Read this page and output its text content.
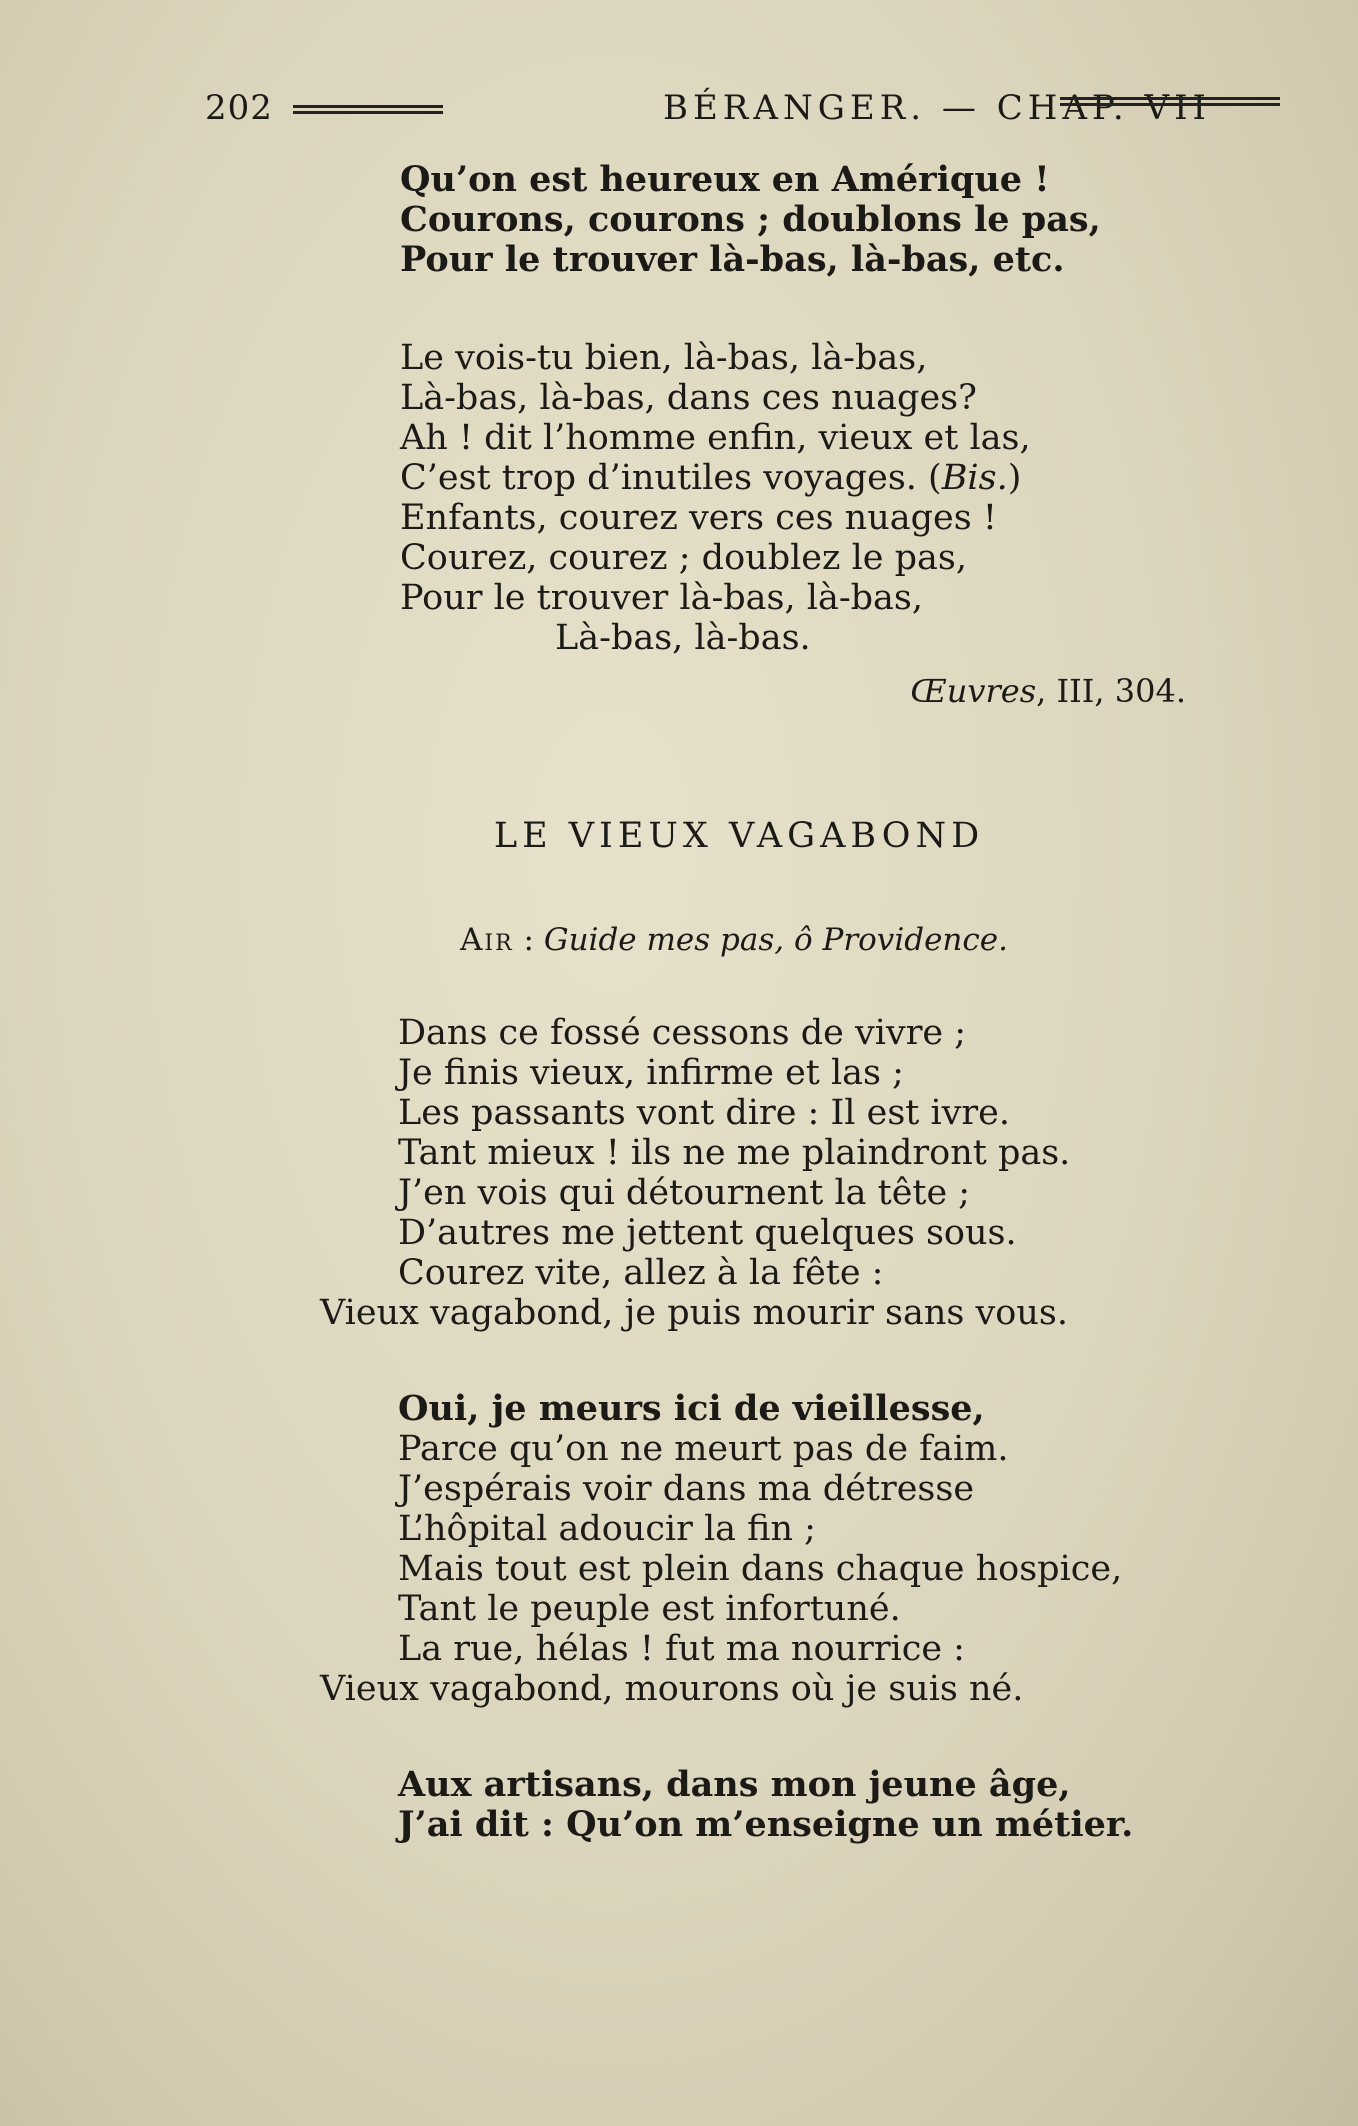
202	BÉRANGER. — CHAP. VII
Qu’on est heureux en Amérique !
Courons, courons ; doublons le pas,
Pour le trouver là-bas, là-bas, etc.
Le vois-tu bien, là-bas, là-bas,
Là-bas, là-bas, dans ces nuages?
Ah ! dit l’homme enfin, vieux et las,
C’est trop d’inutiles voyages. (Bis.)
Enfants, courez vers ces nuages !
Courez, courez ; doublez le pas,
Pour le trouver là-bas, là-bas,
Là-bas, là-bas.
Œuvres, III, 304.
LE VIEUX VAGABOND
Air : Guide mes pas, ô Providence.
Dans ce fossé cessons de vivre ;
Je finis vieux, infirme et las ;
Les passants vont dire : Il est ivre.
Tant mieux ! ils ne me plaindront pas.
J’en vois qui détournent la tête ;
D’autres me jettent quelques sous.
Courez vite, allez à la fête :
Vieux vagabond, je puis mourir sans vous.
Oui, je meurs ici de vieillesse,
Parce qu’on ne meurt pas de faim.
J’espérais voir dans ma détresse
L’hôpital adoucir la fin ;
Mais tout est plein dans chaque hospice,
Tant le peuple est infortuné.
La rue, hélas ! fut ma nourrice :
Vieux vagabond, mourons où je suis né.
Aux artisans, dans mon jeune âge,
J’ai dit : Qu’on m’enseigne un métier.
